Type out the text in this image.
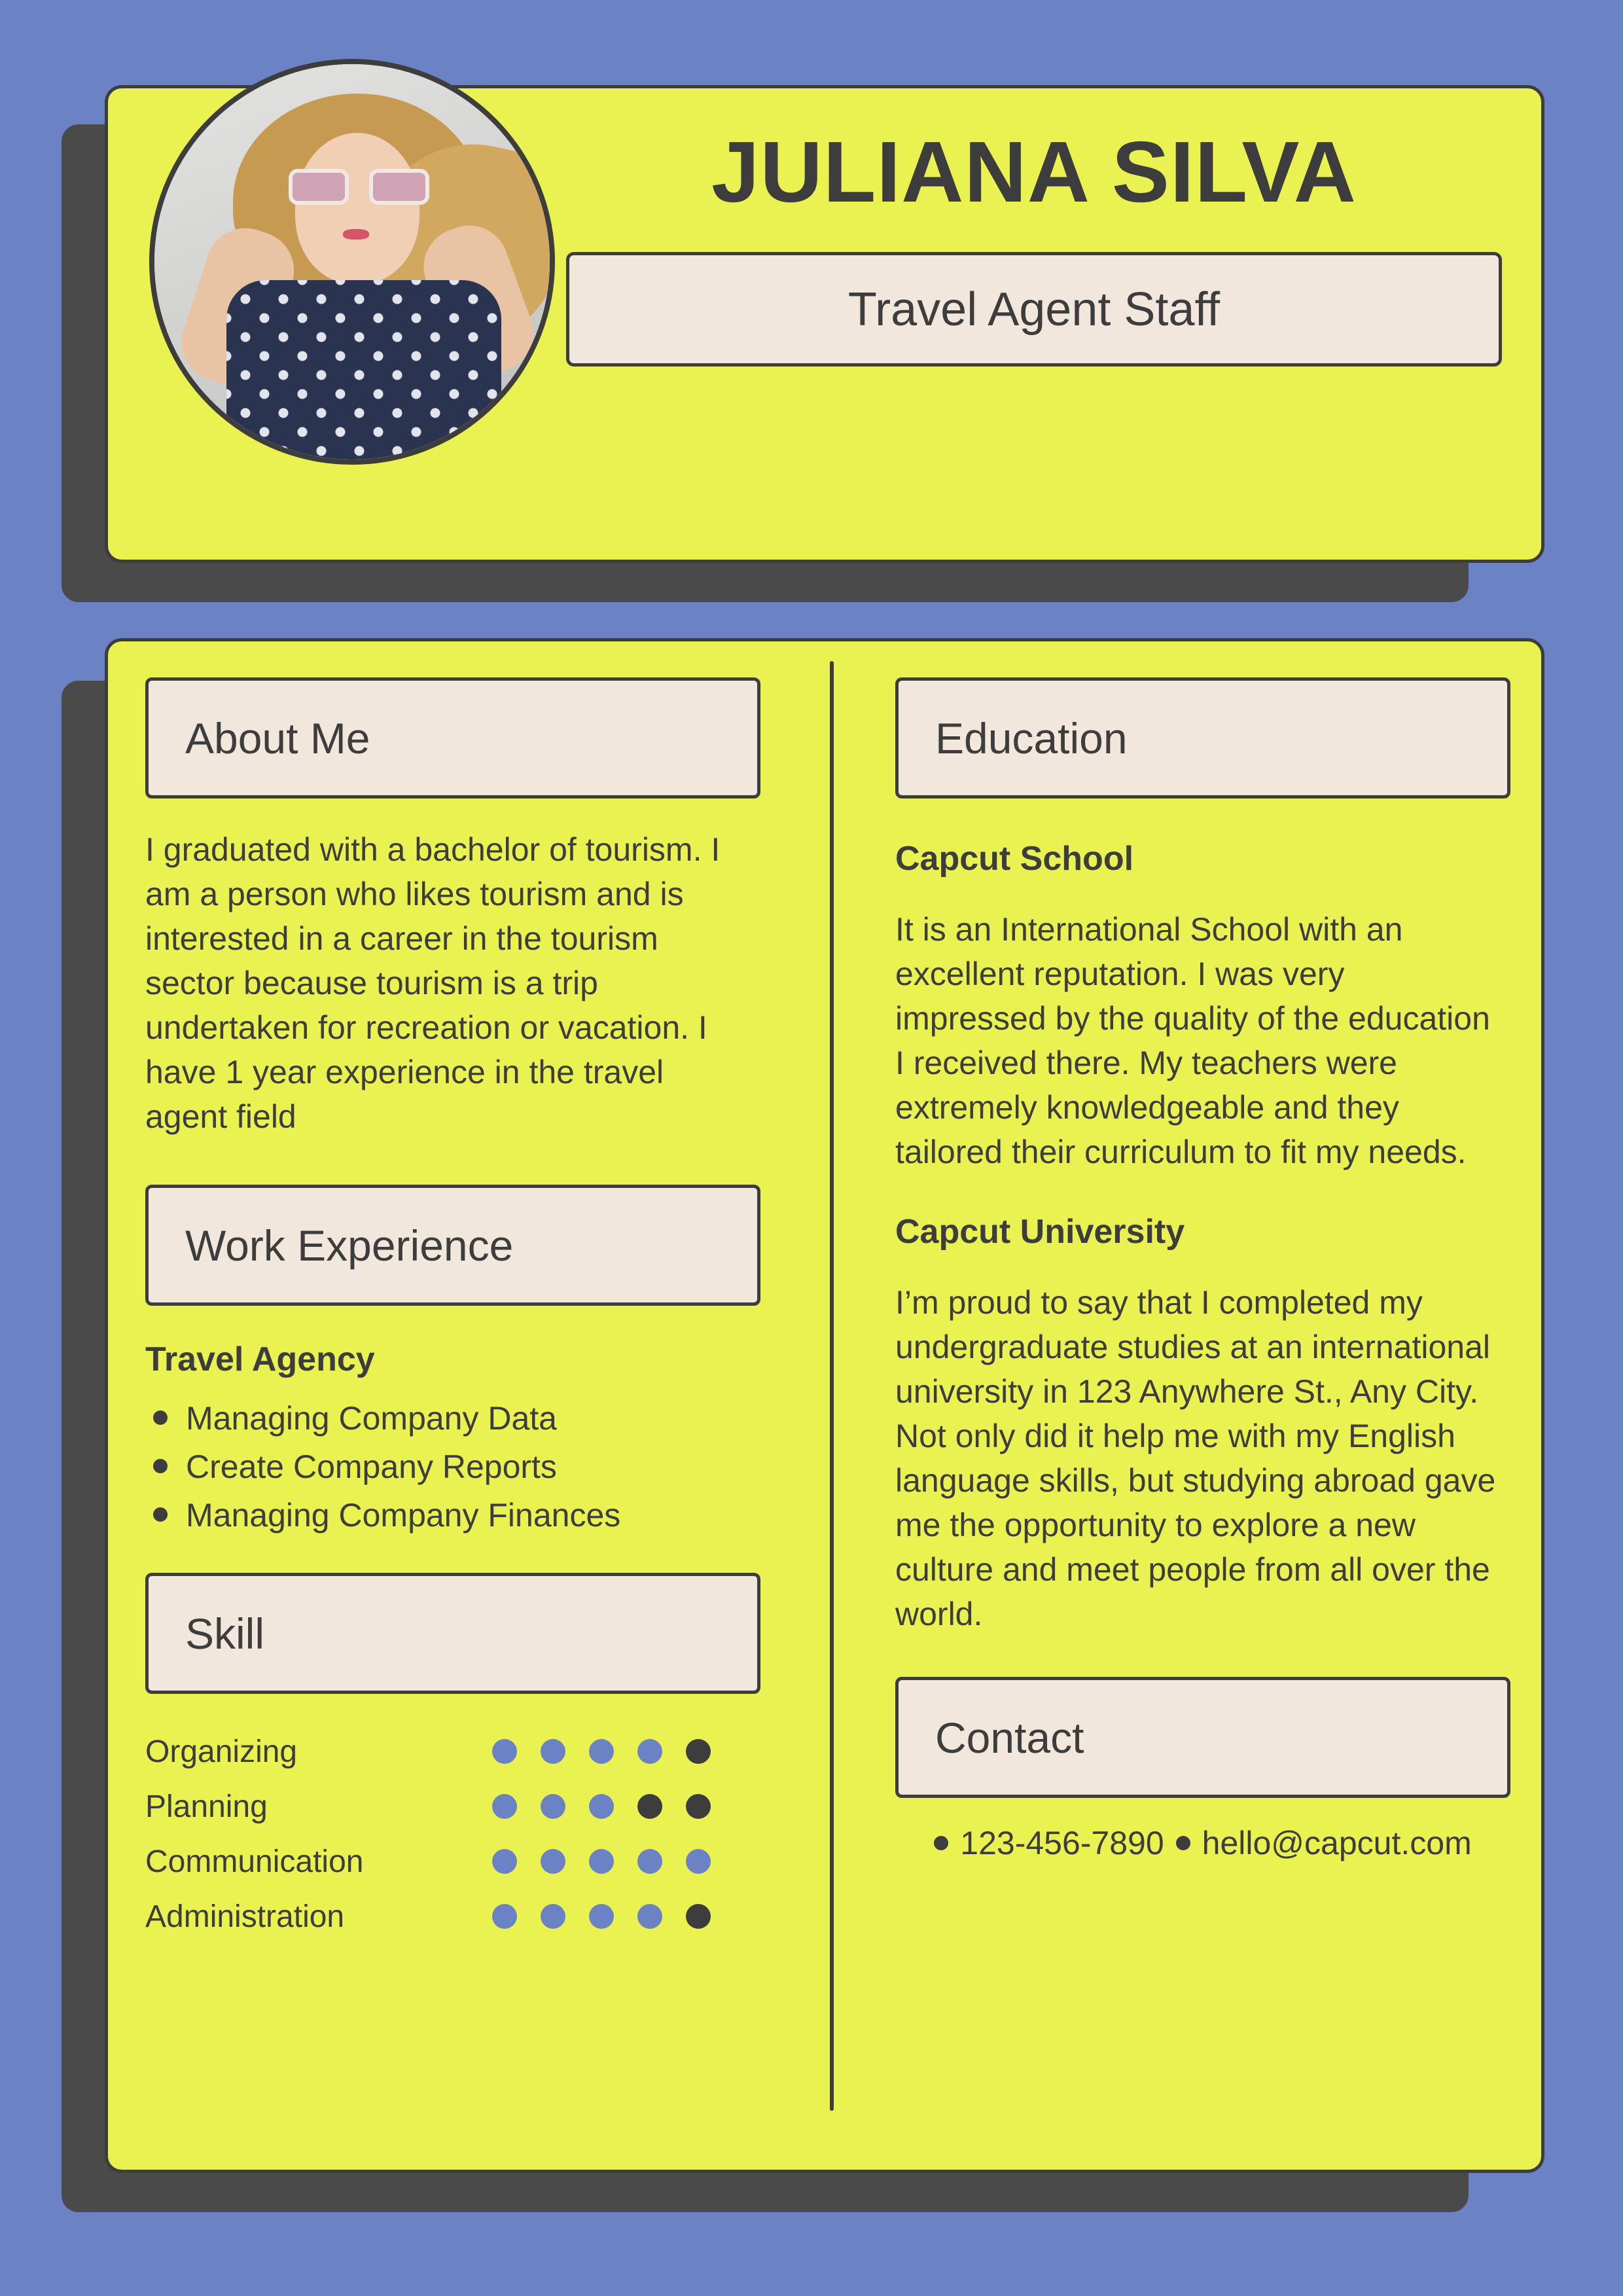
JULIANA SILVA
Travel Agent Staff
About Me

I graduated with a bachelor of tourism. I am a person who likes tourism and is interested in a career in the tourism sector because tourism is a trip undertaken for recreation or vacation. I have 1 year experience in the travel agent field

Work Experience
Travel Agency
Managing Company Data
Create Company Reports
Managing Company Finances
Skill
Organizing
Planning
Communication
Administration
Education
Capcut School

It is an International School with an excellent reputation. I was very impressed by the quality of the education I received there. My teachers were extremely knowledgeable and they tailored their curriculum to fit my needs.

Capcut University

I’m proud to say that I completed my undergraduate studies at an international university in 123 Anywhere St., Any City. Not only did it help me with my English language skills, but studying abroad gave me the opportunity to explore a new culture and meet people from all over the world.

Contact
123-456-7890 hello@capcut.com
